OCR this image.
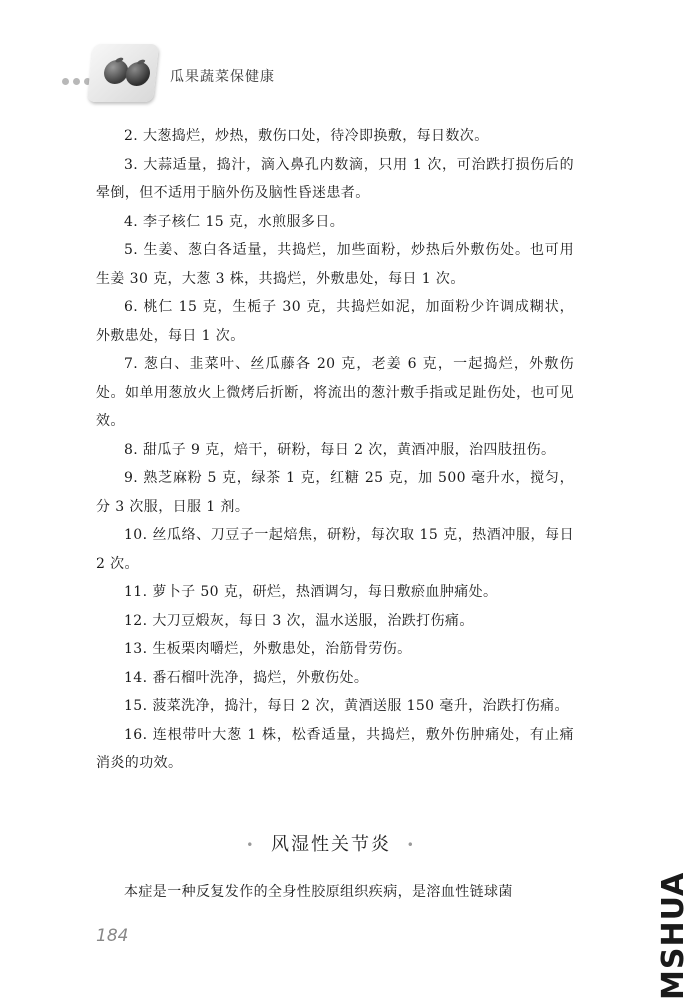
瓜果蔬菜保健康

2. 大葱捣烂，炒热，敷伤口处，待冷即换敷，每日数次。

3. 大蒜适量，捣汁，滴入鼻孔内数滴，只用 1 次，可治跌打损伤后的晕倒，但不适用于脑外伤及脑性昏迷患者。

4. 李子核仁 15 克，水煎服多日。

5. 生姜、葱白各适量，共捣烂，加些面粉，炒热后外敷伤处。也可用生姜 30 克，大葱 3 株，共捣烂，外敷患处，每日 1 次。

6. 桃仁 15 克，生栀子 30 克，共捣烂如泥，加面粉少许调成糊状，外敷患处，每日 1 次。

7. 葱白、韭菜叶、丝瓜藤各 20 克，老姜 6 克，一起捣烂，外敷伤处。如单用葱放火上微烤后折断，将流出的葱汁敷手指或足趾伤处，也可见效。

8. 甜瓜子 9 克，焙干，研粉，每日 2 次，黄酒冲服，治四肢扭伤。

9. 熟芝麻粉 5 克，绿茶 1 克，红糖 25 克，加 500 毫升水，搅匀，分 3 次服，日服 1 剂。

10. 丝瓜络、刀豆子一起焙焦，研粉，每次取 15 克，热酒冲服，每日 2 次。

11. 萝卜子 50 克，研烂，热酒调匀，每日敷瘀血肿痛处。

12. 大刀豆煅灰，每日 3 次，温水送服，治跌打伤痛。

13. 生板栗肉嚼烂，外敷患处，治筋骨劳伤。

14. 番石榴叶洗净，捣烂，外敷伤处。

15. 菠菜洗净，捣汁，每日 2 次，黄酒送服 150 毫升，治跌打伤痛。

16. 连根带叶大葱 1 株，松香适量，共捣烂，敷外伤肿痛处，有止痛消炎的功效。

• 风湿性关节炎 •

本症是一种反复发作的全身性胶原组织疾病，是溶血性链球菌

184	MSHUA
